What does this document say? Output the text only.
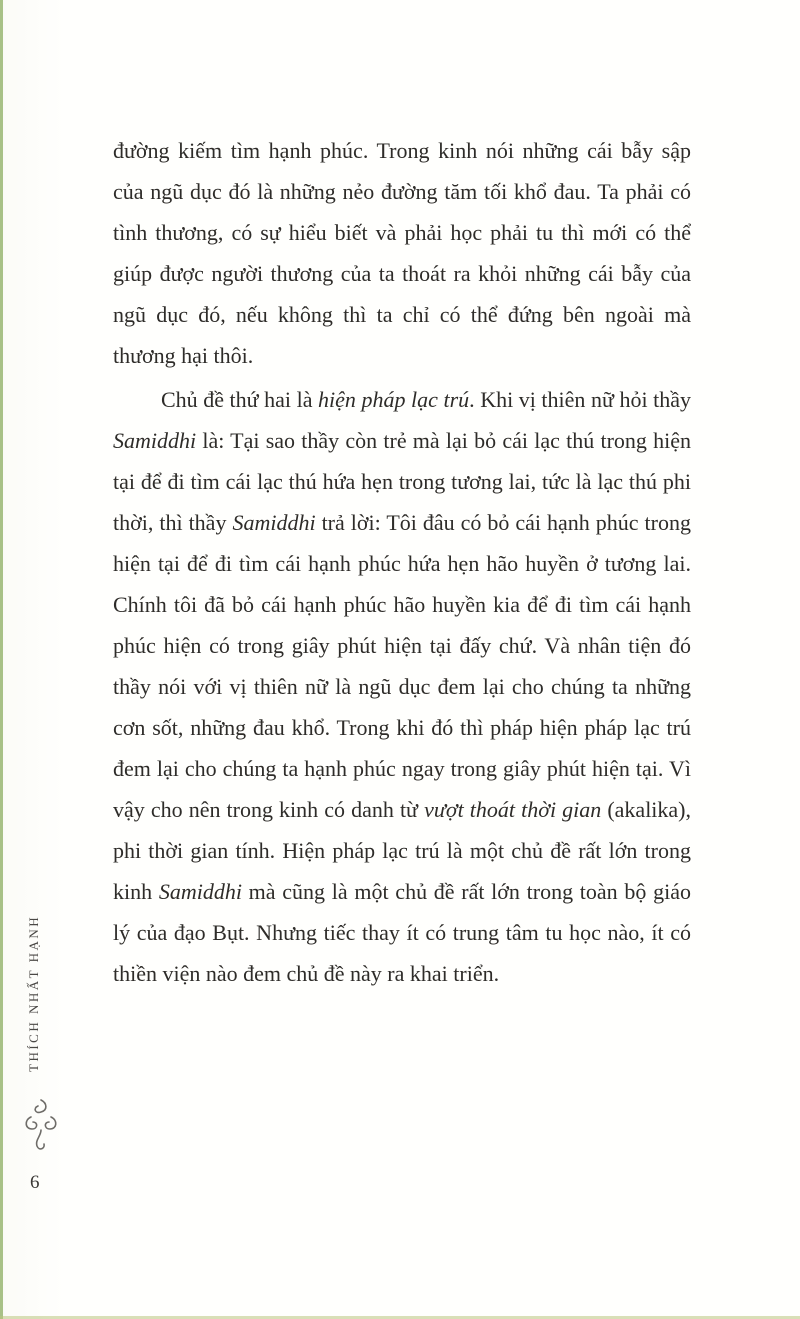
THÍCH NHẤT HẠNH
6

đường kiếm tìm hạnh phúc. Trong kinh nói những cái bẫy sập của ngũ dục đó là những nẻo đường tăm tối khổ đau. Ta phải có tình thương, có sự hiểu biết và phải học phải tu thì mới có thể giúp được người thương của ta thoát ra khỏi những cái bẫy của ngũ dục đó, nếu không thì ta chỉ có thể đứng bên ngoài mà thương hại thôi.

Chủ đề thứ hai là hiện pháp lạc trú. Khi vị thiên nữ hỏi thầy Samiddhi là: Tại sao thầy còn trẻ mà lại bỏ cái lạc thú trong hiện tại để đi tìm cái lạc thú hứa hẹn trong tương lai, tức là lạc thú phi thời, thì thầy Samiddhi trả lời: Tôi đâu có bỏ cái hạnh phúc trong hiện tại để đi tìm cái hạnh phúc hứa hẹn hão huyền ở tương lai. Chính tôi đã bỏ cái hạnh phúc hão huyền kia để đi tìm cái hạnh phúc hiện có trong giây phút hiện tại đấy chứ. Và nhân tiện đó thầy nói với vị thiên nữ là ngũ dục đem lại cho chúng ta những cơn sốt, những đau khổ. Trong khi đó thì pháp hiện pháp lạc trú đem lại cho chúng ta hạnh phúc ngay trong giây phút hiện tại. Vì vậy cho nên trong kinh có danh từ vượt thoát thời gian (akalika), phi thời gian tính. Hiện pháp lạc trú là một chủ đề rất lớn trong kinh Samiddhi mà cũng là một chủ đề rất lớn trong toàn bộ giáo lý của đạo Bụt. Nhưng tiếc thay ít có trung tâm tu học nào, ít có thiền viện nào đem chủ đề này ra khai triển.
